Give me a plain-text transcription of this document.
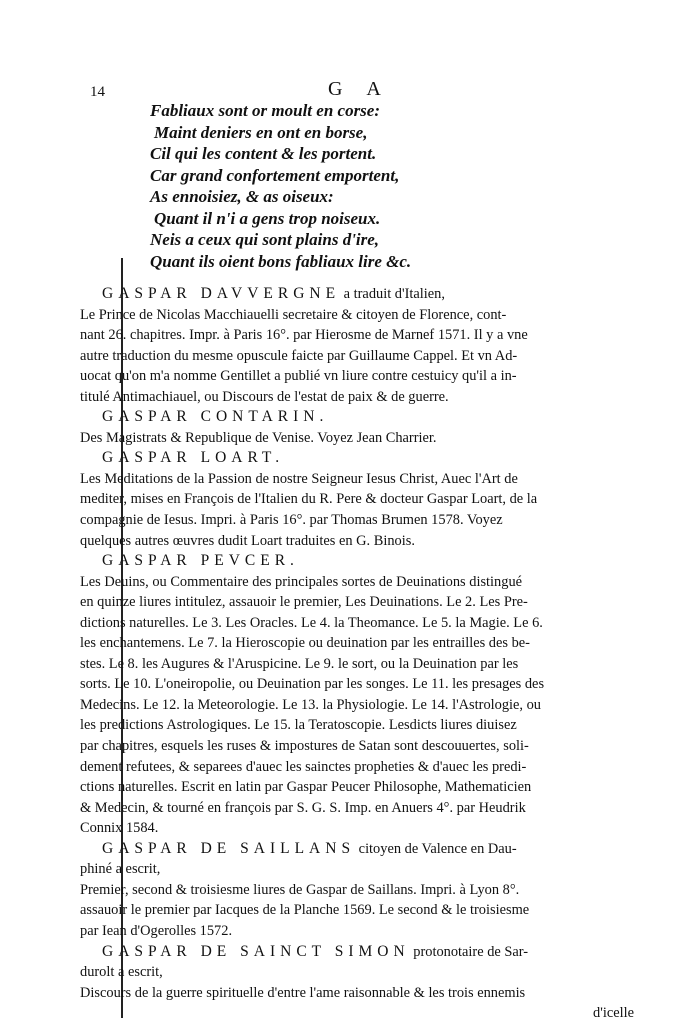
14	G A
Fabliaux sont or moult en corse:
Maint deniers en ont en borse,
Cil qui les content & les portent.
Car grand confortement emportent,
As ennoisiez, & as oiseux:
Quant il n'i a gens trop noiseux.
Neis a ceux qui sont plains d'ire,
Quant ils oient bons fabliaux lire &c.
GASPAR DAVVERGNE a traduit d'Italien,
Le Prince de Nicolas Macchiauelli secretaire & citoyen de Florence, cont-
nant 26. chapitres. Impr. à Paris 16°. par Hierosme de Marnef 1571. Il y a vne
autre traduction du mesme opuscule faicte par Guillaume Cappel. Et vn Ad-
uocat qu'on m'a nomme Gentillet a publié vn liure contre cestuicy qu'il a in-
titulé Antimachiauel, ou Discours de l'estat de paix & de guerre.
GASPAR CONTARIN.
Des Magistrats & Republique de Venise. Voyez Jean Charrier.
GASPAR LOART.
Les Meditations de la Passion de nostre Seigneur Iesus Christ, Auec l'Art de
mediter, mises en François de l'Italien du R. Pere & docteur Gaspar Loart, de la
compagnie de Iesus. Impri. à Paris 16°. par Thomas Brumen 1578. Voyez
quelques autres œuvres dudit Loart traduites en G. Binois.
GASPAR PEVCER.
Les Deuins, ou Commentaire des principales sortes de Deuinations distingué
en quinze liures intitulez, assauoir le premier, Les Deuinations. Le 2. Les Pre-
dictions naturelles. Le 3. Les Oracles. Le 4. la Theomance. Le 5. la Magie. Le 6.
les enchantemens. Le 7. la Hieroscopie ou deuination par les entrailles des be-
stes. Le 8. les Augures & l'Aruspicine. Le 9. le sort, ou la Deuination par les
sorts. Le 10. L'oneiropolie, ou Deuination par les songes. Le 11. les presages des
Medecins. Le 12. la Meteorologie. Le 13. la Physiologie. Le 14. l'Astrologie, ou
les predictions Astrologiques. Le 15. la Teratoscopie. Lesdicts liures diuisez
par chapitres, esquels les ruses & impostures de Satan sont descouuertes, soli-
dement refutees, & separees d'auec les sainctes propheties & d'auec les predi-
ctions naturelles. Escrit en latin par Gaspar Peucer Philosophe, Mathematicien
& Medecin, & tourné en françois par S. G. S. Imp. en Anuers 4°. par Heudrik
Connix 1584.
GASPAR DE SAILLANS citoyen de Valence en Dau-
phiné a escrit,
Premier, second & troisiesme liures de Gaspar de Saillans. Impri. à Lyon 8°.
assauoir le premier par Iacques de la Planche 1569. Le second & le troisiesme
par Iean d'Ogerolles 1572.
GASPAR DE SAINCT SIMON protonotaire de Sar-
durolt a escrit,
Discours de la guerre spirituelle d'entre l'ame raisonnable & les trois ennemis
d'icelle
